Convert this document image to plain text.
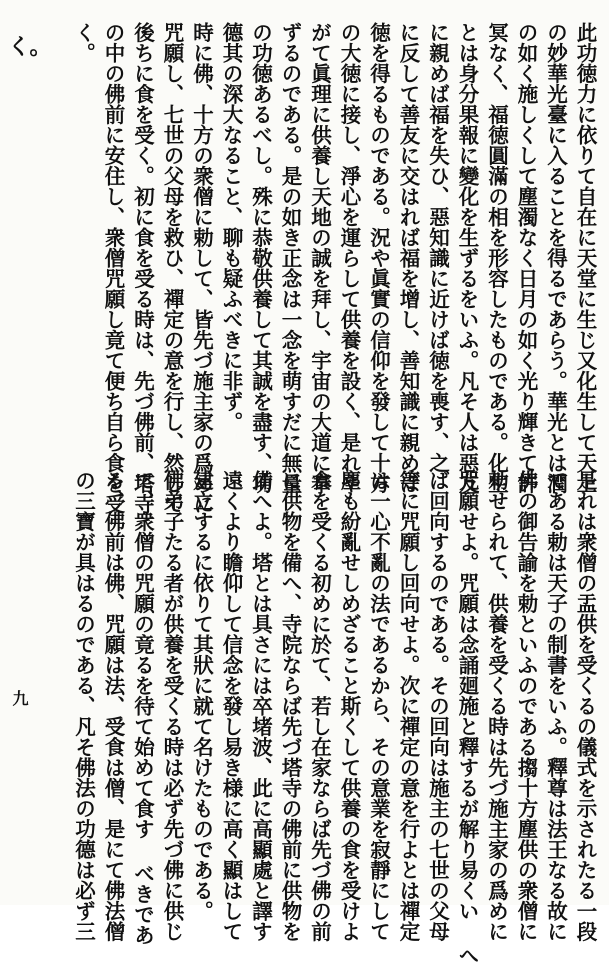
く。	此功徳力に依りて自在に天堂に生じ又化生して天上
の妙華光臺に入ることを得るであらう。華光とは潤
の如く施しくして塵濁なく日月の如く光り輝きて許
冥なく、福徳圓滿の相を形容したものである。化生
とは身分果報に變化を生ずるをいふ。凡そ人は惡友
に親めば福を失ひ、惡知識に近けば徳を喪す、之
に反して善友に交はれば福を增し、善知識に親めば
徳を得るものである。況や眞實の信仰を發して十方
の大徳に接し、淨心を運らして供養を設く、是れや
がて眞理に供養し天地の誠を拜し、宇宙の大道に奉
ずるのである。是の如き正念は一念を萌すだに無量
の功徳あるべし。殊に恭敬供養して其誠を盡す、功
德其の深大なること、聊も疑ふべきに非ず。
時に佛、十方の衆僧に勅して、皆先づ施主家の爲めに
咒願し、七世の父母を救ひ、禪定の意を行し、然して
後ちに食を受く。初に食を受る時は、先づ佛前、塔寺
の中の佛前に安住し、衆僧咒願し竟て便ち自ら食を受
く。
是れは衆僧の盂供を受くるの儀式を示されたる一段
である勅は天子の制書をいふ。釋尊は法王なる故に
佛の御告諭を勅といふのである搊十方塵供の衆僧に
勅せられて、供養を受くる時は先づ施主家の爲めに
咒願せよ。咒願は念誦廻施と釋するが解り易くい へ
ば回向するのである。その回向は施主の七世の父母
等に咒願し回向せよ。次に禪定の意を行よとは禪定
は一心不亂の法であるから、その意業を寂靜にして
塵も紛亂せしめざること斯くして供養の食を受けよ
食を受くる初めに於て、若し在家ならば先づ佛の前
に供物を備へ、寺院ならば先づ塔寺の佛前に供物を
備へよ。塔とは具さには卒堵波、此に高顯處と譯す
遠くより瞻仰して信念を發し易き様に高く顯はして
建立するに依りて其狀に就て名けたものである。
佛弟子たる者が供養を受くる時は必ず先づ佛に供じ
て、衆僧の咒願の竟るを待て始めて食す べきであ
る、佛前は佛、咒願は法、受食は僧、是にて佛法僧
の三寶が具はるのである、凡そ佛法の功德は必ず三
九
